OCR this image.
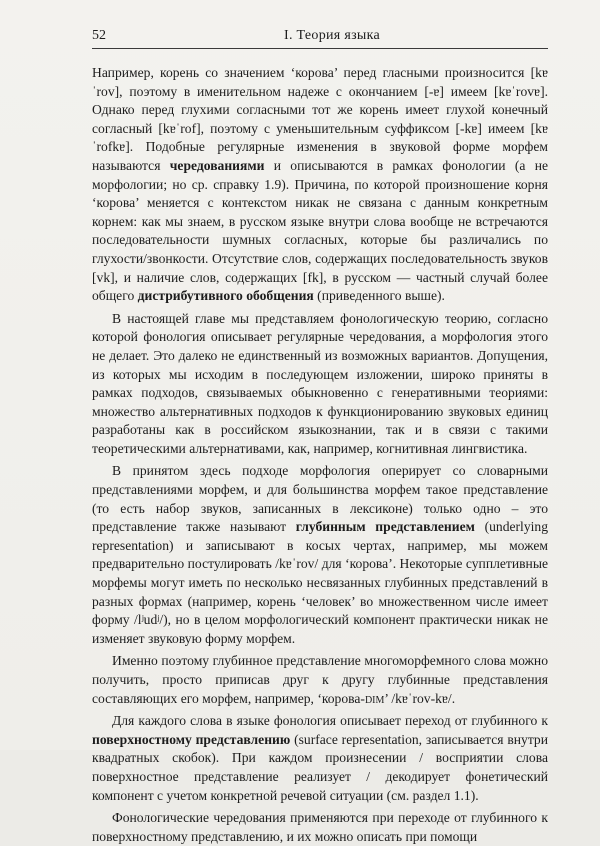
52	I. Теория языка

Например, корень со значением ‘корова’ перед гласными произносится [kɐˈrov], поэтому в именительном надеже с окончанием [-ɐ] имеем [kɐˈrovɐ]. Однако перед глухими согласными тот же корень имеет глухой конечный согласный [kɐˈrof], поэтому с уменьшительным суффиксом [-kɐ] имеем [kɐˈrofkɐ]. Подобные регулярные изменения в звуковой форме морфем называются чередованиями и описываются в рамках фонологии (а не морфологии; но ср. справку 1.9). Причина, по которой произношение корня ‘корова’ меняется с контекстом никак не связана с данным конкретным корнем: как мы знаем, в русском языке внутри слова вообще не встречаются последовательности шумных согласных, которые бы различались по глухости/звонкости. Отсутствие слов, содержащих последовательность звуков [vk], и наличие слов, содержащих [fk], в русском — частный случай более общего дистрибутивного обобщения (приведенного выше).

В настоящей главе мы представляем фонологическую теорию, согласно которой фонология описывает регулярные чередования, а морфология этого не делает. Это далеко не единственный из возможных вариантов. Допущения, из которых мы исходим в последующем изложении, широко приняты в рамках подходов, связываемых обыкновенно с генеративными теориями: множество альтернативных подходов к функционированию звуковых единиц разработаны как в российском языкознании, так и в связи с такими теоретическими альтернативами, как, например, когнитивная лингвистика.

В принятом здесь подходе морфология оперирует со словарными представлениями морфем, и для большинства морфем такое представление (то есть набор звуков, записанных в лексиконе) только одно – это представление также называют глубинным представлением (underlying representation) и записывают в косых чертах, например, мы можем предварительно постулировать /kɐˈrov/ для ‘корова’. Некоторые супплетивные морфемы могут иметь по несколько несвязанных глубинных представлений в разных формах (например, корень ‘человек’ во множественном числе имеет форму /lʲudʲ/), но в целом морфологический компонент практически никак не изменяет звуковую форму морфем.

Именно поэтому глубинное представление многоморфемного слова можно получить, просто приписав друг к другу глубинные представления составляющих его морфем, например, ‘корова-dim’ /kɐˈrov-kɐ/.

Для каждого слова в языке фонология описывает переход от глубинного к поверхностному представлению (surface representation, записывается внутри квадратных скобок). При каждом произнесении / восприятии слова поверхностное представление реализует / декодирует фонетический компонент с учетом конкретной речевой ситуации (см. раздел 1.1).

Фонологические чередования применяются при переходе от глубинного к поверхностному представлению, и их можно описать при помощи
